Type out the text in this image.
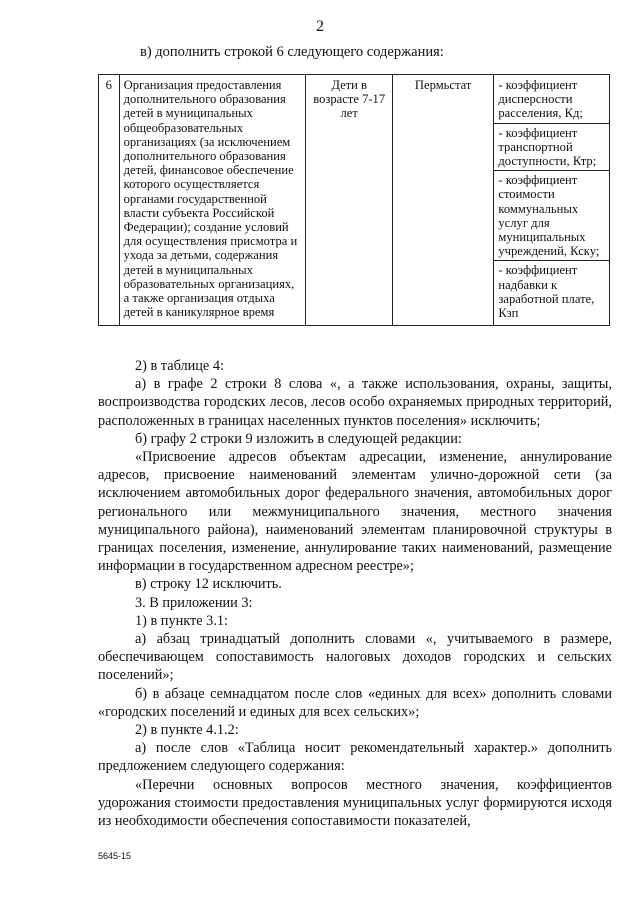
2
в) дополнить строкой 6 следующего содержания:
6	Организация предоставления дополнительного образования детей в муниципальных общеобразовательных организациях (за исключением дополнительного образования детей, финансовое обеспечение которого осуществляется органами государственной власти субъекта Российской Федерации); создание условий для осуществления присмотра и ухода за детьми, содержания детей в муниципальных образовательных организациях, а также организация отдыха детей в каникулярное время	Дети в возрасте 7-17 лет	Пермьстат	- коэффициент дисперсности расселения, Кд;
- коэффициент транспортной доступности, Ктр;
- коэффициент стоимости коммунальных услуг для муниципальных учреждений, Кску;
- коэффициент надбавки к заработной плате, Кзп

2) в таблице 4:

а) в графе 2 строки 8 слова «, а также использования, охраны, защиты, воспроизводства городских лесов, лесов особо охраняемых природных территорий, расположенных в границах населенных пунктов поселения» исключить;

б) графу 2 строки 9 изложить в следующей редакции:

«Присвоение адресов объектам адресации, изменение, аннулирование адресов, присвоение наименований элементам улично-дорожной сети (за исключением автомобильных дорог федерального значения, автомобильных дорог регионального или межмуниципального значения, местного значения муниципального района), наименований элементам планировочной структуры в границах поселения, изменение, аннулирование таких наименований, размещение информации в государственном адресном реестре»;

в) строку 12 исключить.

3. В приложении 3:

1) в пункте 3.1:

а) абзац тринадцатый дополнить словами «, учитываемого в размере, обеспечивающем сопоставимость налоговых доходов городских и сельских поселений»;

б) в абзаце семнадцатом после слов «единых для всех» дополнить словами «городских поселений и единых для всех сельских»;

2) в пункте 4.1.2:

а) после слов «Таблица носит рекомендательный характер.» дополнить предложением следующего содержания:

«Перечни основных вопросов местного значения, коэффициентов удорожания стоимости предоставления муниципальных услуг формируются исходя из необходимости обеспечения сопоставимости показателей,

5645-15
